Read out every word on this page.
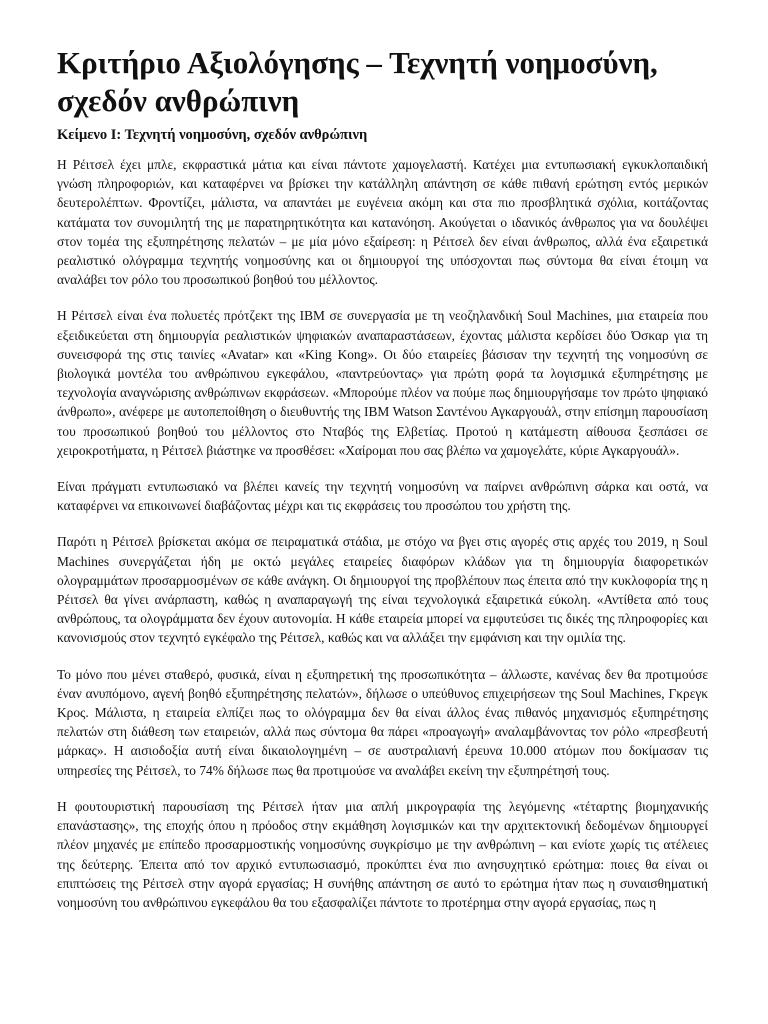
Κριτήριο Αξιολόγησης – Τεχνητή νοημοσύνη,
σχεδόν ανθρώπινη
Κείμενο Ι: Τεχνητή νοημοσύνη, σχεδόν ανθρώπινη

Η Ρέιτσελ έχει μπλε, εκφραστικά μάτια και είναι πάντοτε χαμογελαστή. Κατέχει μια εντυπωσιακή εγκυκλοπαιδική γνώση πληροφοριών, και καταφέρνει να βρίσκει την κατάλληλη απάντηση σε κάθε πιθανή ερώτηση εντός μερικών δευτερολέπτων. Φροντίζει, μάλιστα, να απαντάει με ευγένεια ακόμη και στα πιο προσβλητικά σχόλια, κοιτάζοντας κατάματα τον συνομιλητή της με παρατηρητικότητα και κατανόηση. Ακούγεται ο ιδανικός άνθρωπος για να δουλέψει στον τομέα της εξυπηρέτησης πελατών – με μία μόνο εξαίρεση: η Ρέιτσελ δεν είναι άνθρωπος, αλλά ένα εξαιρετικά ρεαλιστικό ολόγραμμα τεχνητής νοημοσύνης και οι δημιουργοί της υπόσχονται πως σύντομα θα είναι έτοιμη να αναλάβει τον ρόλο του προσωπικού βοηθού του μέλλοντος.

Η Ρέιτσελ είναι ένα πολυετές πρότζεκτ της IBM σε συνεργασία με τη νεοζηλανδική Soul Machines, μια εταιρεία που εξειδικεύεται στη δημιουργία ρεαλιστικών ψηφιακών αναπαραστάσεων, έχοντας μάλιστα κερδίσει δύο Όσκαρ για τη συνεισφορά της στις ταινίες «Avatar» και «King Kong». Οι δύο εταιρείες βάσισαν την τεχνητή της νοημοσύνη σε βιολογικά μοντέλα του ανθρώπινου εγκεφάλου, «παντρεύοντας» για πρώτη φορά τα λογισμικά εξυπηρέτησης με τεχνολογία αναγνώρισης ανθρώπινων εκφράσεων. «Μπορούμε πλέον να πούμε πως δημιουργήσαμε τον πρώτο ψηφιακό άνθρωπο», ανέφερε με αυτοπεποίθηση ο διευθυντής της IBM Watson Σαντένου Αγκαργουάλ, στην επίσημη παρουσίαση του προσωπικού βοηθού του μέλλοντος στο Νταβός της Ελβετίας. Προτού η κατάμεστη αίθουσα ξεσπάσει σε χειροκροτήματα, η Ρέιτσελ βιάστηκε να προσθέσει: «Χαίρομαι που σας βλέπω να χαμογελάτε, κύριε Αγκαργουάλ».

Είναι πράγματι εντυπωσιακό να βλέπει κανείς την τεχνητή νοημοσύνη να παίρνει ανθρώπινη σάρκα και οστά, να καταφέρνει να επικοινωνεί διαβάζοντας μέχρι και τις εκφράσεις του προσώπου του χρήστη της.

Παρότι η Ρέιτσελ βρίσκεται ακόμα σε πειραματικά στάδια, με στόχο να βγει στις αγορές στις αρχές του 2019, η Soul Machines συνεργάζεται ήδη με οκτώ μεγάλες εταιρείες διαφόρων κλάδων για τη δημιουργία διαφορετικών ολογραμμάτων προσαρμοσμένων σε κάθε ανάγκη. Οι δημιουργοί της προβλέπουν πως έπειτα από την κυκλοφορία της η Ρέιτσελ θα γίνει ανάρπαστη, καθώς η αναπαραγωγή της είναι τεχνολογικά εξαιρετικά εύκολη. «Αντίθετα από τους ανθρώπους, τα ολογράμματα δεν έχουν αυτονομία. Η κάθε εταιρεία μπορεί να εμφυτεύσει τις δικές της πληροφορίες και κανονισμούς στον τεχνητό εγκέφαλο της Ρέιτσελ, καθώς και να αλλάξει την εμφάνιση και την ομιλία της.

Το μόνο που μένει σταθερό, φυσικά, είναι η εξυπηρετική της προσωπικότητα – άλλωστε, κανένας δεν θα προτιμούσε έναν ανυπόμονο, αγενή βοηθό εξυπηρέτησης πελατών», δήλωσε ο υπεύθυνος επιχειρήσεων της Soul Machines, Γκρεγκ Κρος. Μάλιστα, η εταιρεία ελπίζει πως το ολόγραμμα δεν θα είναι άλλος ένας πιθανός μηχανισμός εξυπηρέτησης πελατών στη διάθεση των εταιρειών, αλλά πως σύντομα θα πάρει «προαγωγή» αναλαμβάνοντας τον ρόλο «πρεσβευτή μάρκας». Η αισιοδοξία αυτή είναι δικαιολογημένη – σε αυστραλιανή έρευνα 10.000 ατόμων που δοκίμασαν τις υπηρεσίες της Ρέιτσελ, το 74% δήλωσε πως θα προτιμούσε να αναλάβει εκείνη την εξυπηρέτησή τους.

Η φουτουριστική παρουσίαση της Ρέιτσελ ήταν μια απλή μικρογραφία της λεγόμενης «τέταρτης βιομηχανικής επανάστασης», της εποχής όπου η πρόοδος στην εκμάθηση λογισμικών και την αρχιτεκτονική δεδομένων δημιουργεί πλέον μηχανές με επίπεδο προσαρμοστικής νοημοσύνης συγκρίσιμο με την ανθρώπινη – και ενίοτε χωρίς τις ατέλειες της δεύτερης. Έπειτα από τον αρχικό εντυπωσιασμό, προκύπτει ένα πιο ανησυχητικό ερώτημα: ποιες θα είναι οι επιπτώσεις της Ρέιτσελ στην αγορά εργασίας; Η συνήθης απάντηση σε αυτό το ερώτημα ήταν πως η συναισθηματική νοημοσύνη του ανθρώπινου εγκεφάλου θα του εξασφαλίζει πάντοτε το προτέρημα στην αγορά εργασίας, πως η
